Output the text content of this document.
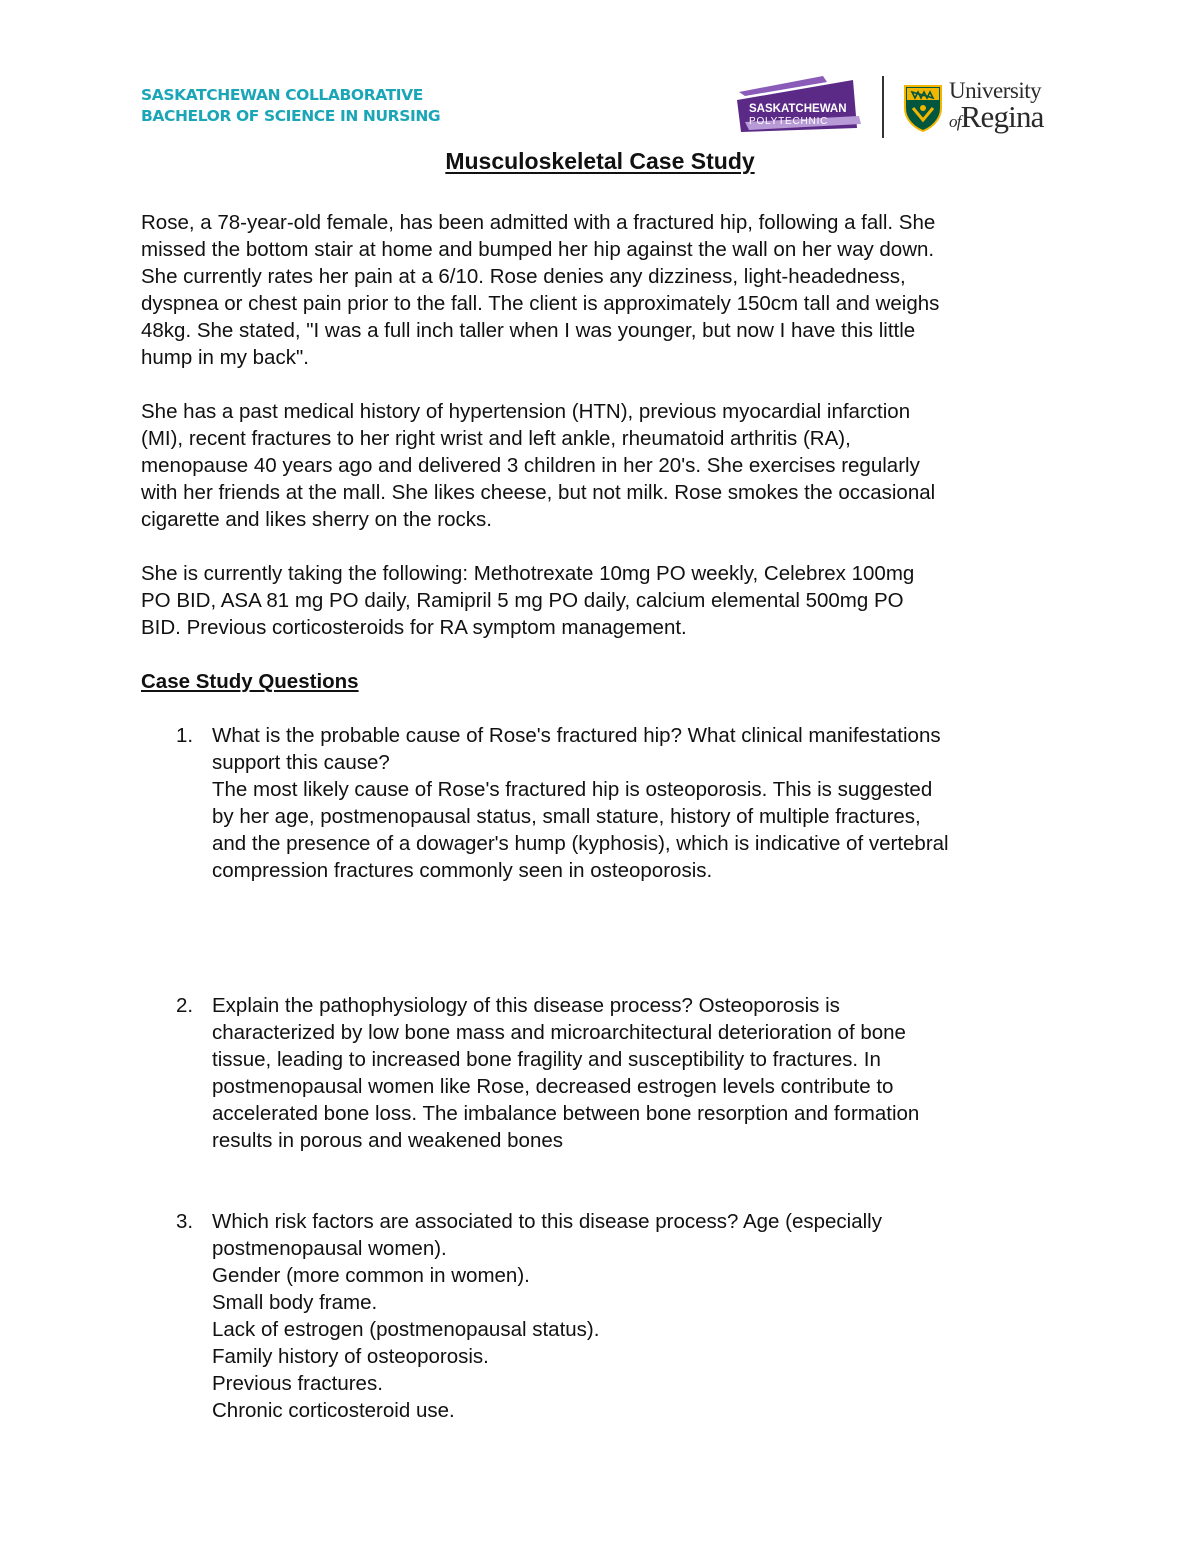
SASKATCHEWAN COLLABORATIVE
BACHELOR OF SCIENCE IN NURSING	SASKATCHEWAN
POLYTECHNIC
University
ofRegina
Musculoskeletal Case Study

Rose, a 78-year-old female, has been admitted with a fractured hip, following a fall. She
missed the bottom stair at home and bumped her hip against the wall on her way down.
She currently rates her pain at a 6/10. Rose denies any dizziness, light-headedness,
dyspnea or chest pain prior to the fall. The client is approximately 150cm tall and weighs
48kg. She stated, "I was a full inch taller when I was younger, but now I have this little
hump in my back".

She has a past medical history of hypertension (HTN), previous myocardial infarction
(MI), recent fractures to her right wrist and left ankle, rheumatoid arthritis (RA),
menopause 40 years ago and delivered 3 children in her 20's. She exercises regularly
with her friends at the mall. She likes cheese, but not milk. Rose smokes the occasional
cigarette and likes sherry on the rocks.

She is currently taking the following: Methotrexate 10mg PO weekly, Celebrex 100mg
PO BID, ASA 81 mg PO daily, Ramipril 5 mg PO daily, calcium elemental 500mg PO
BID. Previous corticosteroids for RA symptom management.

Case Study Questions

1. What is the probable cause of Rose's fractured hip? What clinical manifestations
support this cause?
The most likely cause of Rose's fractured hip is osteoporosis. This is suggested
by her age, postmenopausal status, small stature, history of multiple fractures,
and the presence of a dowager's hump (kyphosis), which is indicative of vertebral
compression fractures commonly seen in osteoporosis.
2. Explain the pathophysiology of this disease process? Osteoporosis is
characterized by low bone mass and microarchitectural deterioration of bone
tissue, leading to increased bone fragility and susceptibility to fractures. In
postmenopausal women like Rose, decreased estrogen levels contribute to
accelerated bone loss. The imbalance between bone resorption and formation
results in porous and weakened bones
3. Which risk factors are associated to this disease process? Age (especially
postmenopausal women).
Gender (more common in women).
Small body frame.
Lack of estrogen (postmenopausal status).
Family history of osteoporosis.
Previous fractures.
Chronic corticosteroid use.
